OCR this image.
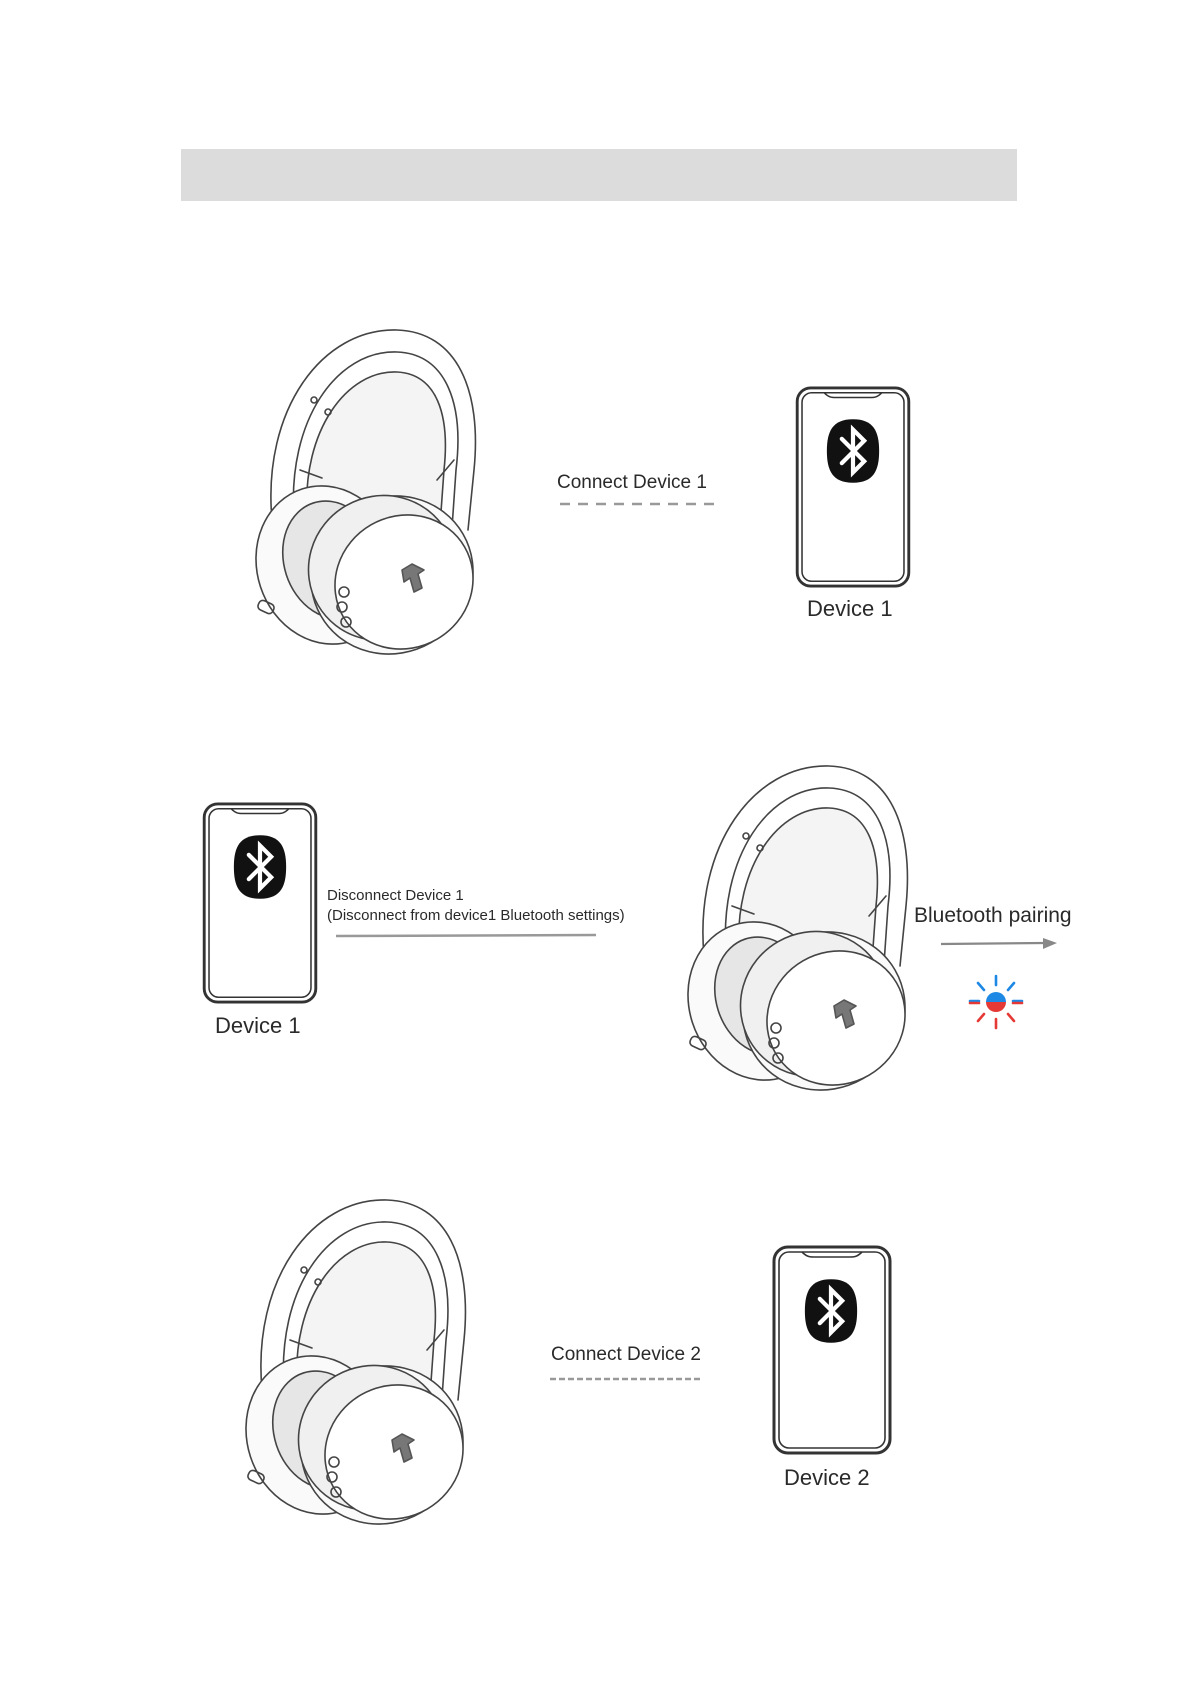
Connect Device 1
Device 1
Device 1
Disconnect Device 1
(Disconnect from device1 Bluetooth settings)	Bluetooth pairing
Connect Device 2
Device 2
